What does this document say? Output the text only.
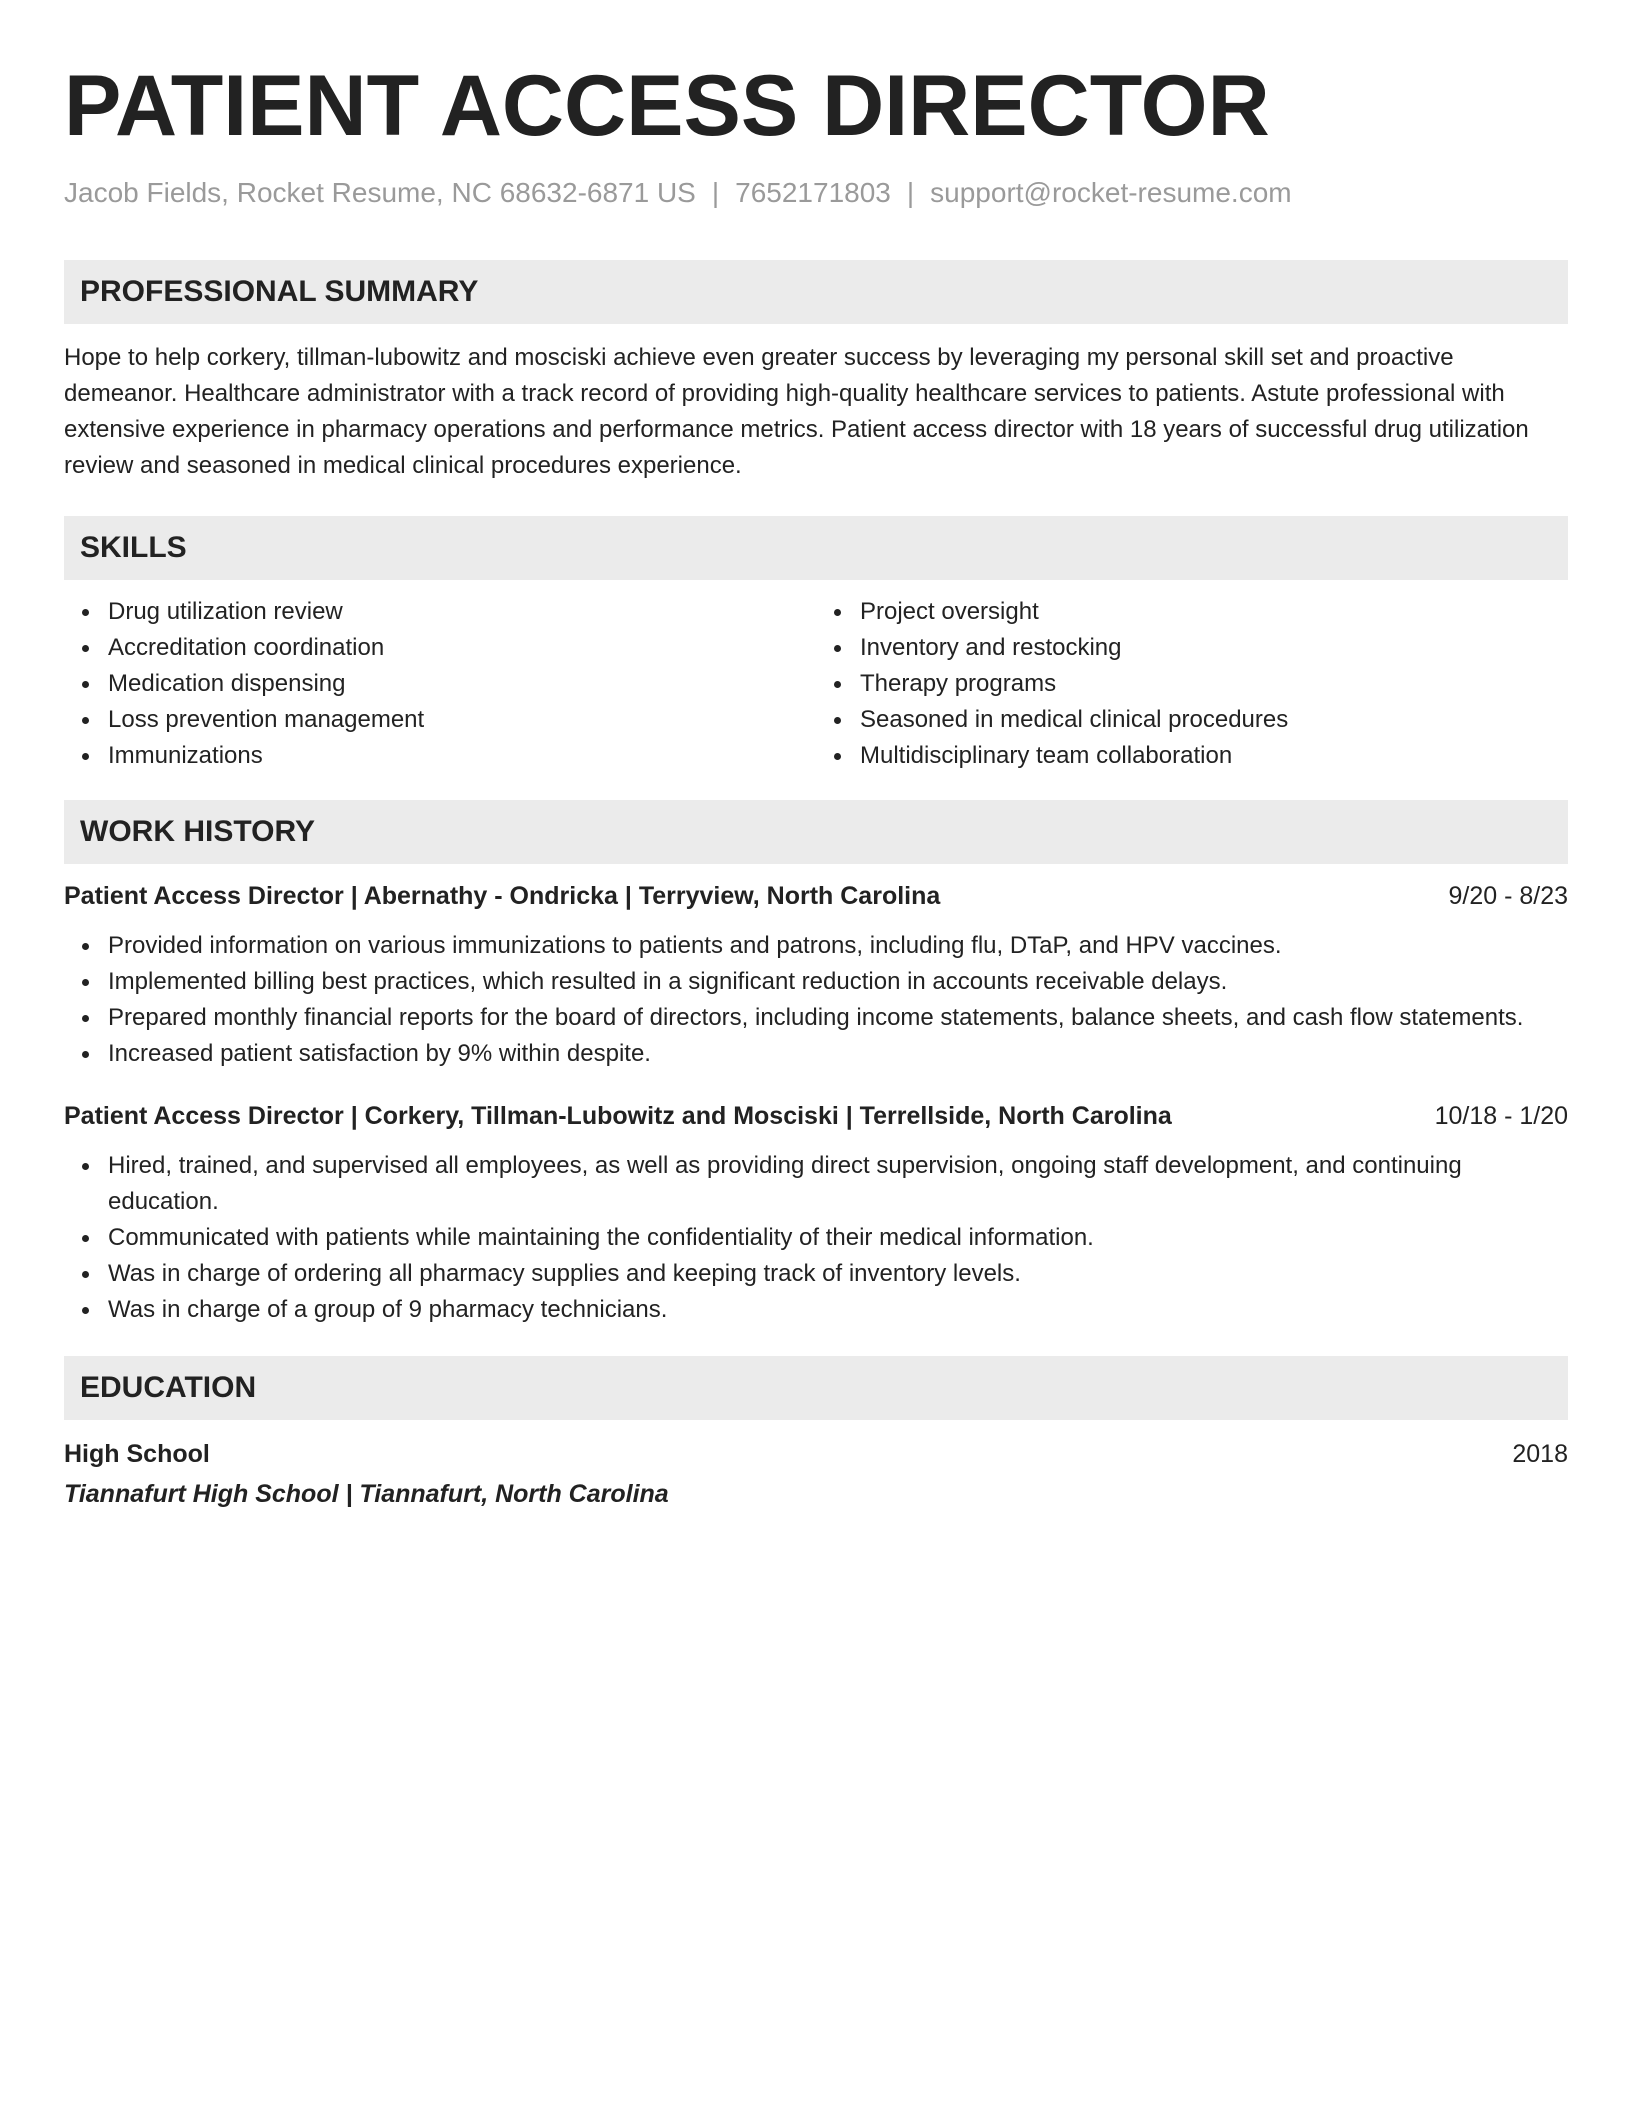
PATIENT ACCESS DIRECTOR
Jacob Fields, Rocket Resume, NC 68632-6871 US | 7652171803 | support@rocket-resume.com
PROFESSIONAL SUMMARY
Hope to help corkery, tillman-lubowitz and mosciski achieve even greater success by leveraging my personal skill set and proactive demeanor. Healthcare administrator with a track record of providing high-quality healthcare services to patients. Astute professional with extensive experience in pharmacy operations and performance metrics. Patient access director with 18 years of successful drug utilization review and seasoned in medical clinical procedures experience.
SKILLS
Drug utilization review
Accreditation coordination
Medication dispensing
Loss prevention management
Immunizations
Project oversight
Inventory and restocking
Therapy programs
Seasoned in medical clinical procedures
Multidisciplinary team collaboration
WORK HISTORY
Patient Access Director | Abernathy - Ondricka | Terryview, North Carolina	9/20 - 8/23
Provided information on various immunizations to patients and patrons, including flu, DTaP, and HPV vaccines.
Implemented billing best practices, which resulted in a significant reduction in accounts receivable delays.
Prepared monthly financial reports for the board of directors, including income statements, balance sheets, and cash flow statements.
Increased patient satisfaction by 9% within despite.
Patient Access Director | Corkery, Tillman-Lubowitz and Mosciski | Terrellside, North Carolina	10/18 - 1/20
Hired, trained, and supervised all employees, as well as providing direct supervision, ongoing staff development, and continuing education.
Communicated with patients while maintaining the confidentiality of their medical information.
Was in charge of ordering all pharmacy supplies and keeping track of inventory levels.
Was in charge of a group of 9 pharmacy technicians.
EDUCATION
High School	2018
Tiannafurt High School | Tiannafurt, North Carolina
